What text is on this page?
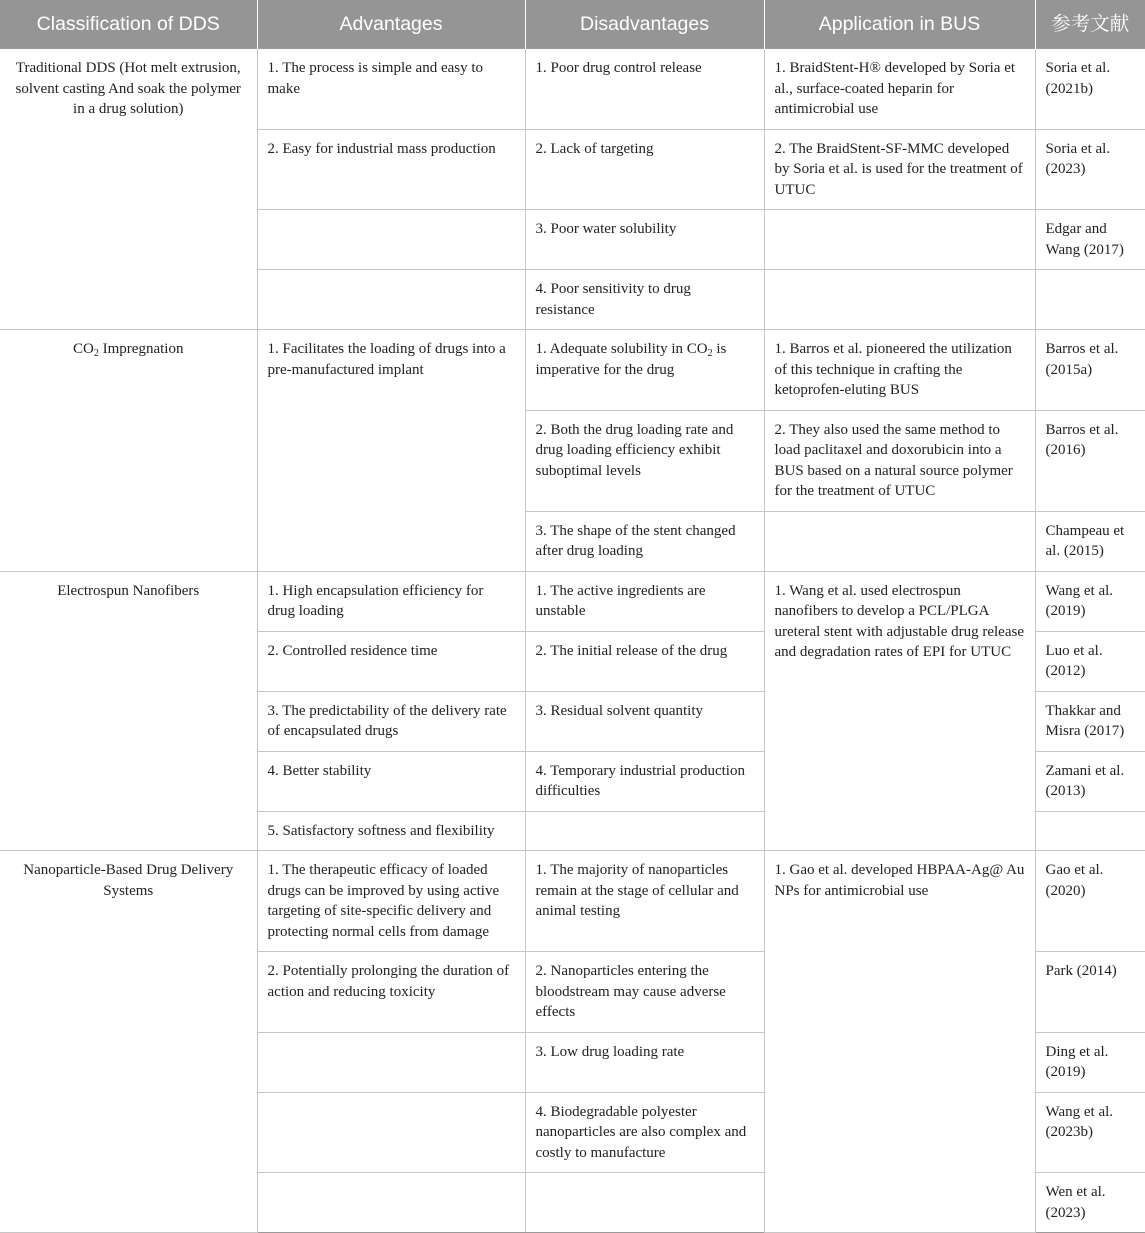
Classification of DDS	Advantages	Disadvantages	Application in BUS	参考文献
Traditional DDS (Hot melt extrusion, solvent casting And soak the polymer in a drug solution)	1. The process is simple and easy to make	1. Poor drug control release	1. BraidStent-H® developed by Soria et al., surface-coated heparin for antimicrobial use	Soria et al. (2021b)
	2. Easy for industrial mass production	2. Lack of targeting	2. The BraidStent-SF-MMC developed by Soria et al. is used for the treatment of UTUC	Soria et al. (2023)
		3. Poor water solubility		Edgar and Wang (2017)
		4. Poor sensitivity to drug resistance		
$CO_2$ Impregnation	1. Facilitates the loading of drugs into a pre-manufactured implant	1. Adequate solubility in $CO_2$ is imperative for the drug	1. Barros et al. pioneered the utilization of this technique in crafting the ketoprofen-eluting BUS	Barros et al. (2015a)
		2. Both the drug loading rate and drug loading efficiency exhibit suboptimal levels	2. They also used the same method to load paclitaxel and doxorubicin into a BUS based on a natural source polymer for the treatment of UTUC	Barros et al. (2016)
		3. The shape of the stent changed after drug loading		Champeau et al. (2015)
Electrospun Nanofibers	1. High encapsulation efficiency for drug loading	1. The active ingredients are unstable	1. Wang et al. used electrospun nanofibers to develop a PCL/PLGA ureteral stent with adjustable drug release and degradation rates of EPI for UTUC	Wang et al. (2019)
	2. Controlled residence time	2. The initial release of the drug		Luo et al. (2012)
	3. The predictability of the delivery rate of encapsulated drugs	3. Residual solvent quantity		Thakkar and Misra (2017)
	4. Better stability	4. Temporary industrial production difficulties		Zamani et al. (2013)
	5. Satisfactory softness and flexibility			
Nanoparticle-Based Drug Delivery Systems	1. The therapeutic efficacy of loaded drugs can be improved by using active targeting of site-specific delivery and protecting normal cells from damage	1. The majority of nanoparticles remain at the stage of cellular and animal testing	1. Gao et al. developed HBPAA-Ag@ Au NPs for antimicrobial use	Gao et al. (2020)
	2. Potentially prolonging the duration of action and reducing toxicity	2. Nanoparticles entering the bloodstream may cause adverse effects		Park (2014)
		3. Low drug loading rate		Ding et al. (2019)
		4. Biodegradable polyester nanoparticles are also complex and costly to manufacture		Wang et al. (2023b)
				Wen et al. (2023)
